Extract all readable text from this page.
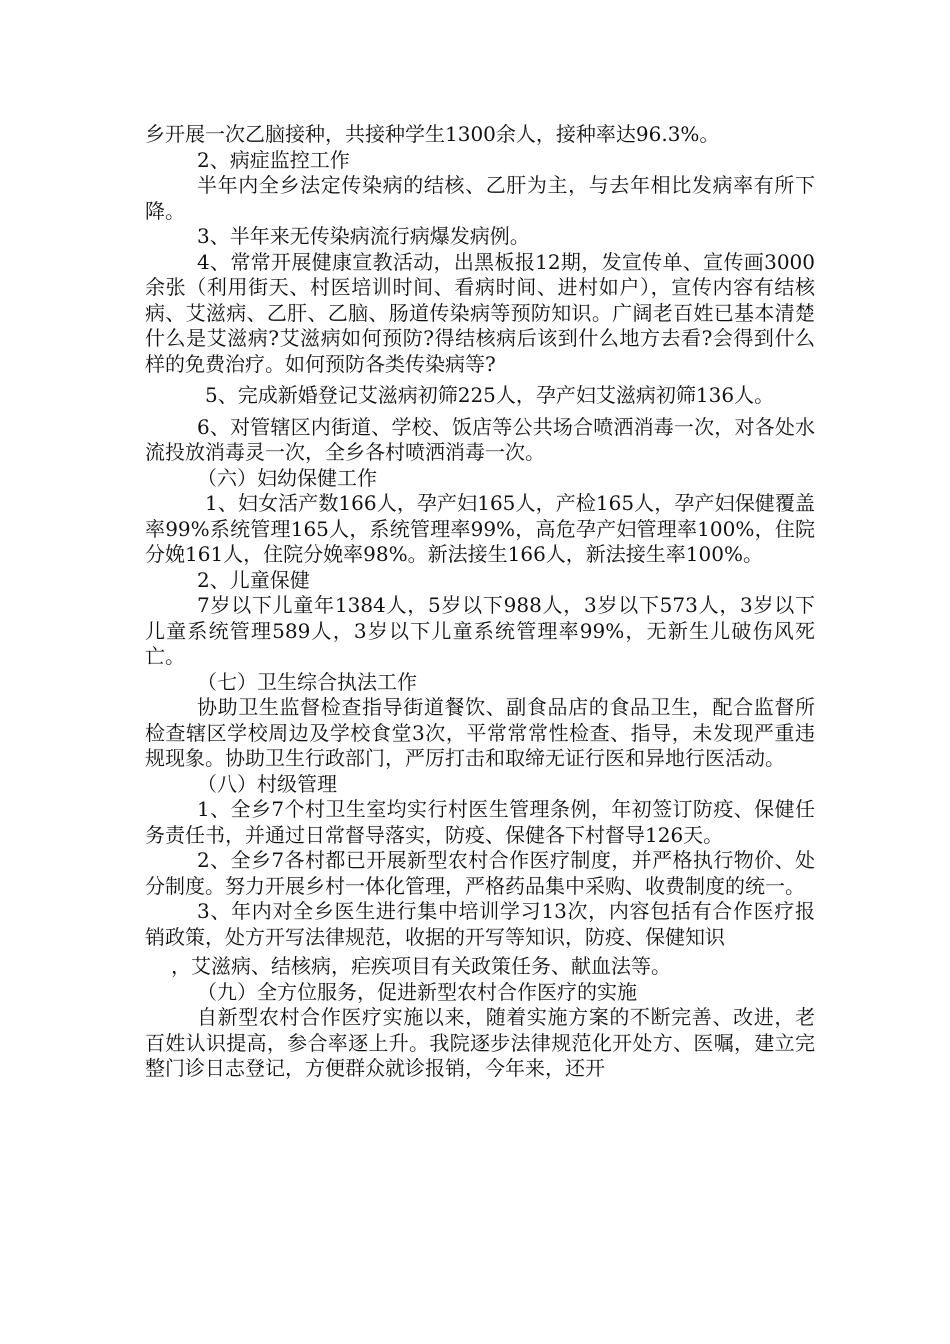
乡开展一次乙脑接种，共接种学生1300余人，接种率达96.3%。

2、病症监控工作

半年内全乡法定传染病的结核、乙肝为主，与去年相比发病率有所下降。

3、半年来无传染病流行病爆发病例。

4、常常开展健康宣教活动，出黑板报12期，发宣传单、宣传画3000余张（利用街天、村医培训时间、看病时间、进村如户），宣传内容有结核病、艾滋病、乙肝、乙脑、肠道传染病等预防知识。广阔老百姓已基本清楚什么是艾滋病?艾滋病如何预防?得结核病后该到什么地方去看?会得到什么样的免费治疗。如何预防各类传染病等?

5、完成新婚登记艾滋病初筛225人，孕产妇艾滋病初筛136人。

6、对管辖区内街道、学校、饭店等公共场合喷洒消毒一次，对各处水流投放消毒灵一次，全乡各村喷洒消毒一次。

（六）妇幼保健工作

1、妇女活产数166人，孕产妇165人，产检165人，孕产妇保健覆盖率99%系统管理165人，系统管理率99%，高危孕产妇管理率100%，住院分娩161人，住院分娩率98%。新法接生166人，新法接生率100%。

2、儿童保健

7岁以下儿童年1384人，5岁以下988人，3岁以下573人，3岁以下儿童系统管理589人，3岁以下儿童系统管理率99%，无新生儿破伤风死亡。

（七）卫生综合执法工作

协助卫生监督检查指导街道餐饮、副食品店的食品卫生，配合监督所检查辖区学校周边及学校食堂3次，平常常常性检查、指导，未发现严重违规现象。协助卫生行政部门，严厉打击和取缔无证行医和异地行医活动。

（八）村级管理

1、全乡7个村卫生室均实行村医生管理条例，年初签订防疫、保健任务责任书，并通过日常督导落实，防疫、保健各下村督导126天。

2、全乡7各村都已开展新型农村合作医疗制度，并严格执行物价、处分制度。努力开展乡村一体化管理，严格药品集中采购、收费制度的统一。

3、年内对全乡医生进行集中培训学习13次，内容包括有合作医疗报销政策，处方开写法律规范，收据的开写等知识，防疫、保健知识

，艾滋病、结核病，疟疾项目有关政策任务、献血法等。

（九）全方位服务，促进新型农村合作医疗的实施

自新型农村合作医疗实施以来，随着实施方案的不断完善、改进，老百姓认识提高，参合率逐上升。我院逐步法律规范化开处方、医嘱，建立完整门诊日志登记，方便群众就诊报销，今年来，还开
